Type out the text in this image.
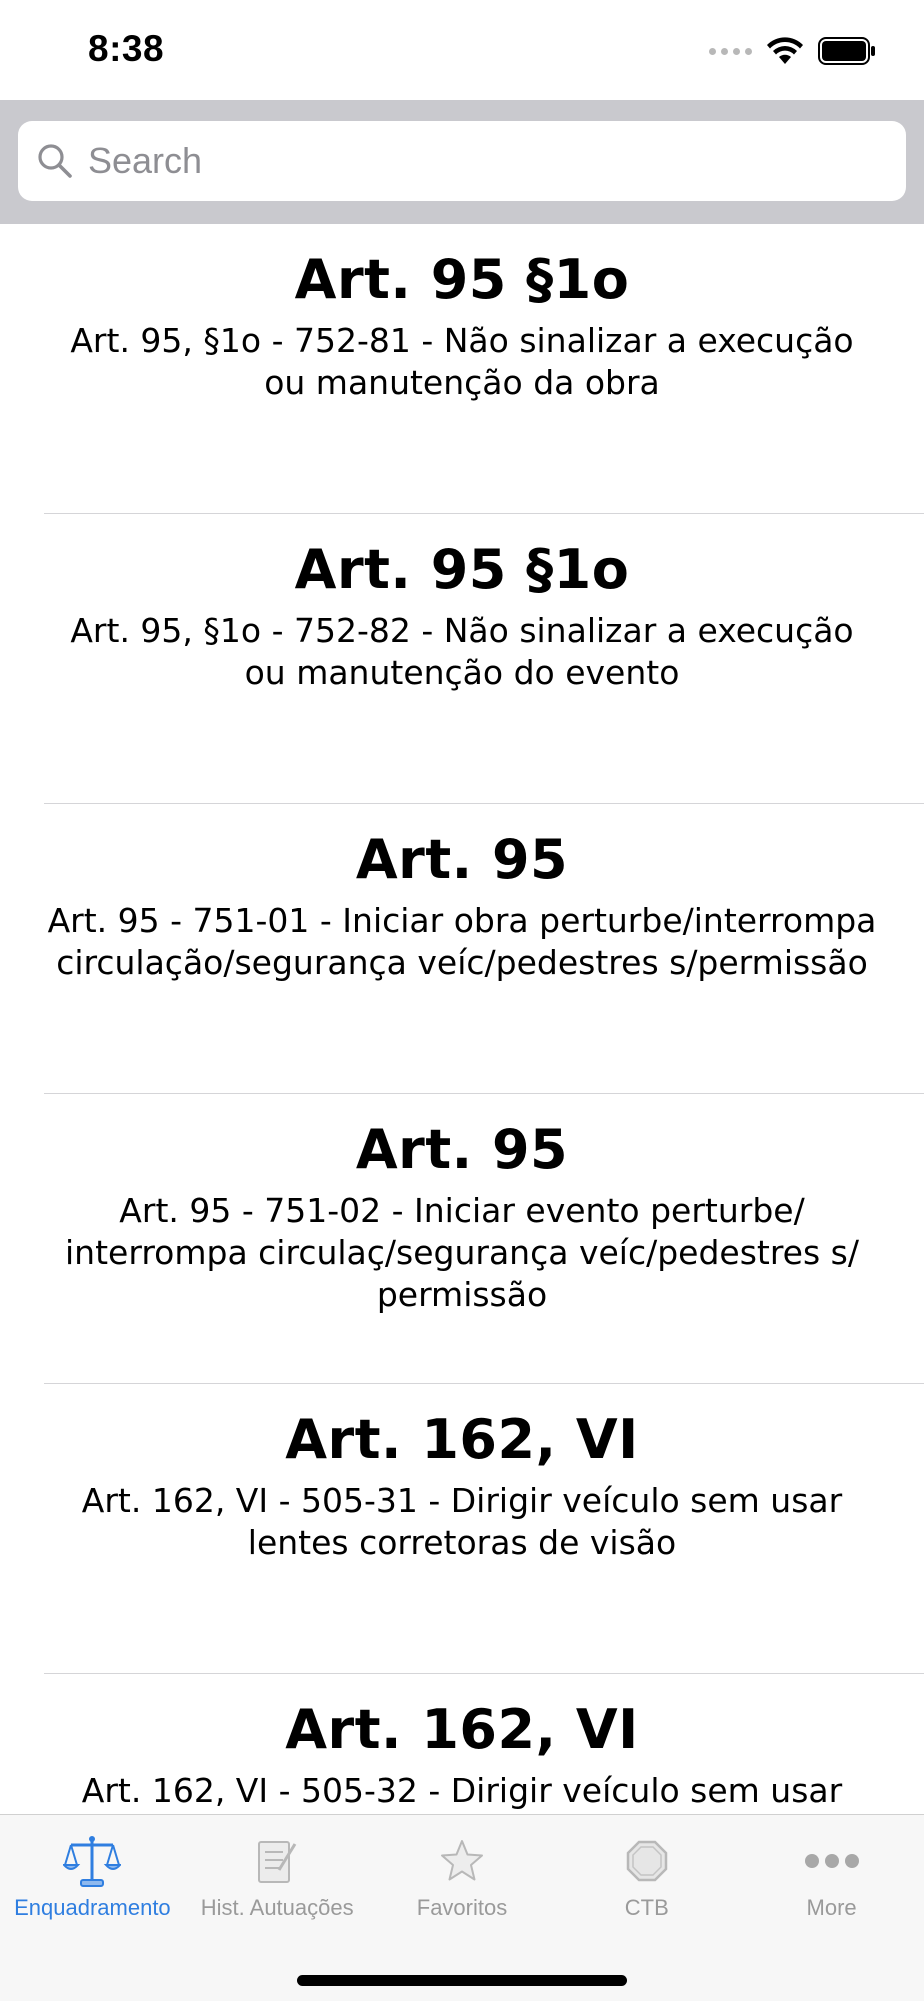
8:38
Search
Art. 95 §1o
Art. 95, §1o - 752-81 - Não sinalizar a execução ou manutenção da obra
Art. 95 §1o
Art. 95, §1o - 752-82 - Não sinalizar a execução ou manutenção do evento
Art. 95
Art. 95 - 751-01 - Iniciar obra perturbe/interrompa circulação/segurança veíc/pedestres s/permissão
Art. 95
Art. 95 - 751-02 - Iniciar evento perturbe/ interrompa circulaç/segurança veíc/pedestres s/ permissão
Art. 162, VI
Art. 162, VI - 505-31 - Dirigir veículo sem usar lentes corretoras de visão
Art. 162, VI
Art. 162, VI - 505-32 - Dirigir veículo sem usar
Enquadramento Hist. Autuações	Favoritos	CTB	More
